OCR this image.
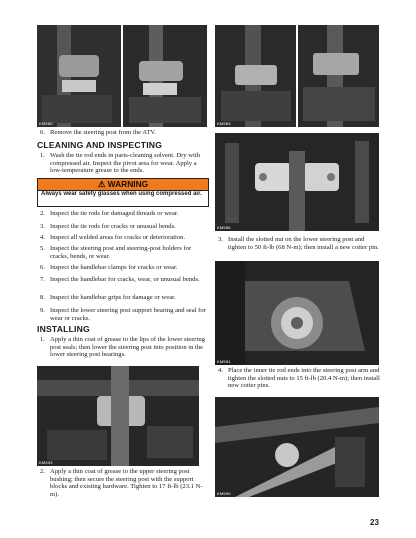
KM580	KM583
KM586
KM581
KM593
KM590
6. Remove the steering post from the ATV.
CLEANING AND INSPECTING
1. Wash the tie rod ends in parts-cleaning solvent. Dry with compressed air. Inspect the pivot area for wear. Apply a low-temperature grease to the ends.
⚠ WARNING
Always wear safety glasses when using compressed air.
2. Inspect the tie rods for damaged threads or wear.
3. Inspect the tie rods for cracks or unusual bends.
4. Inspect all welded areas for cracks or deterioration.
5. Inspect the steering post and steering-post holders for cracks, bends, or wear.
6. Inspect the handlebar clamps for cracks or wear.
7. Inspect the handlebar for cracks, wear, or unusual bends.
8. Inspect the handlebar grips for damage or wear.
9. Inspect the lower steering post support bearing and seal for wear or cracks.
INSTALLING
1. Apply a thin coat of grease to the lips of the lower steering post seals; then lower the steering post into position in the lower steering post bearings.
2. Apply a thin coat of grease to the upper steering post bushing; then secure the steering post with the support blocks and existing hardware. Tighten to 17 ft-lb (23.1 N-m).
3. Install the slotted nut on the lower steering post and tighten to 50 ft-lb (68 N-m); then install a new cotter pin.
4. Place the inner tie rod ends into the steering post arm and tighten the slotted nuts to 15 ft-lb (20.4 N-m); then install new cotter pins.
23
